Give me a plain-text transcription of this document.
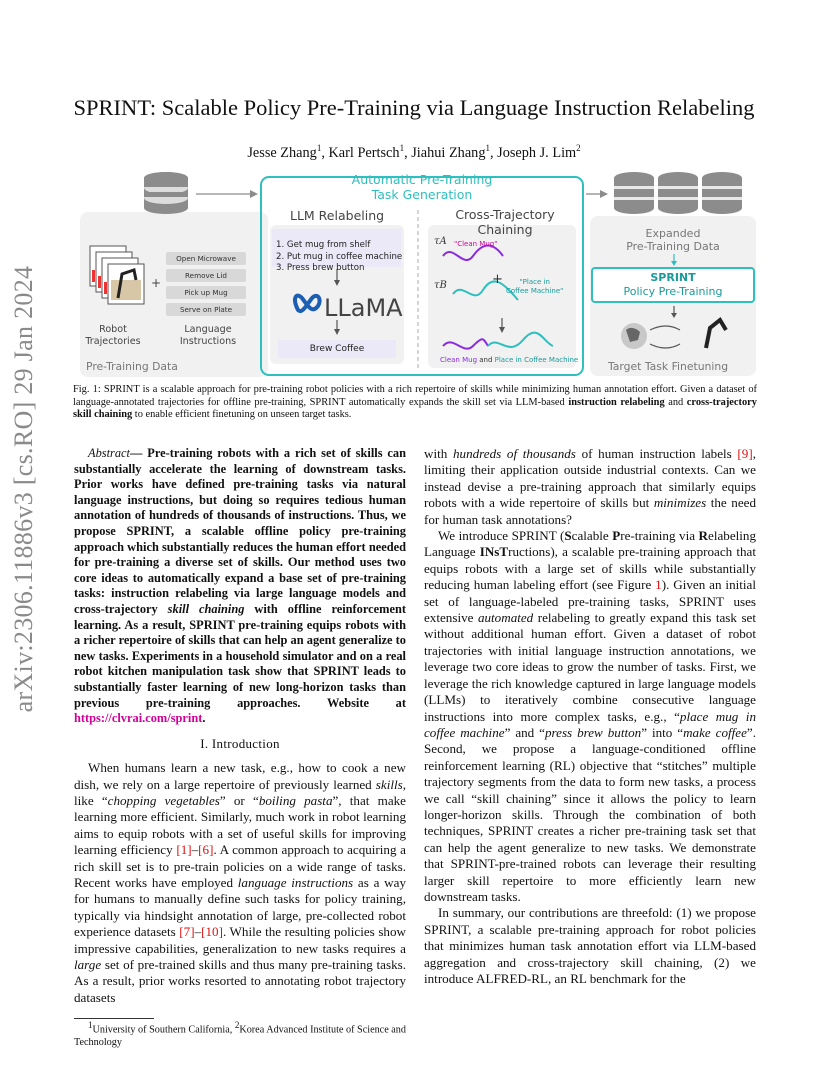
arXiv:2306.11886v3 [cs.RO] 29 Jan 2024
SPRINT: Scalable Policy Pre-Training via Language Instruction Relabeling
Jesse Zhang$^1$, Karl Pertsch$^1$, Jiahui Zhang$^1$, Joseph J. Lim$^2$
Automatic Pre-Training
Task Generation
LLM Relabeling
1. Get mug from shelf
2. Put mug in coffee machine
3. Press brew button
LLaMA
Brew Coffee
Cross-Trajectory
Chaining
τA "Clean Mug"
τB	+	"Place in
Coffee Machine"
Clean Mug and Place in Coffee Machine
Open Microwave
Remove Lid
Pick up Mug
Serve on Plate
+
Robot
Trajectories
Language
Instructions
Pre-Training Data
Expanded
Pre-Training Data
SPRINT
Policy Pre-Training
Target Task Finetuning
Fig. 1: SPRINT is a scalable approach for pre-training robot policies with a rich repertoire of skills while minimizing human annotation effort. Given a dataset of language-annotated trajectories for offline pre-training, SPRINT automatically expands the skill set via LLM-based instruction relabeling and cross-trajectory skill chaining to enable efficient finetuning on unseen target tasks.

Abstract— Pre-training robots with a rich set of skills can substantially accelerate the learning of downstream tasks. Prior works have defined pre-training tasks via natural language instructions, but doing so requires tedious human annotation of hundreds of thousands of instructions. Thus, we propose SPRINT, a scalable offline policy pre-training approach which substantially reduces the human effort needed for pre-training a diverse set of skills. Our method uses two core ideas to automatically expand a base set of pre-training tasks: instruction relabeling via large language models and cross-trajectory skill chaining with offline reinforcement learning. As a result, SPRINT pre-training equips robots with a richer repertoire of skills that can help an agent generalize to new tasks. Experiments in a household simulator and on a real robot kitchen manipulation task show that SPRINT leads to substantially faster learning of new long-horizon tasks than previous pre-training approaches. Website at https://clvrai.com/sprint.

I. Introduction

When humans learn a new task, e.g., how to cook a new dish, we rely on a large repertoire of previously learned skills, like “chopping vegetables” or “boiling pasta”, that make learning more efficient. Similarly, much work in robot learning aims to equip robots with a set of useful skills for improving learning efficiency [1]–[6]. A common approach to acquiring a rich skill set is to pre-train policies on a wide range of tasks. Recent works have employed language instructions as a way for humans to manually define such tasks for policy training, typically via hindsight annotation of large, pre-collected robot experience datasets [7]–[10]. While the resulting policies show impressive capabilities, generalization to new tasks requires a large set of pre-trained skills and thus many pre-training tasks. As a result, prior works resorted to annotating robot trajectory datasets

$^1$University of Southern California, $^2$Korea Advanced Institute of Science and Technology

with hundreds of thousands of human instruction labels [9], limiting their application outside industrial contexts. Can we instead devise a pre-training approach that similarly equips robots with a wide repertoire of skills but minimizes the need for human task annotations?

We introduce SPRINT (Scalable Pre-training via Relabeling Language INsTructions), a scalable pre-training approach that equips robots with a large set of skills while substantially reducing human labeling effort (see Figure 1). Given an initial set of language-labeled pre-training tasks, SPRINT uses extensive automated relabeling to greatly expand this task set without additional human effort. Given a dataset of robot trajectories with initial language instruction annotations, we leverage two core ideas to grow the number of tasks. First, we leverage the rich knowledge captured in large language models (LLMs) to iteratively combine consecutive language instructions into more complex tasks, e.g., “place mug in coffee machine” and “press brew button” into “make coffee”. Second, we propose a language-conditioned offline reinforcement learning (RL) objective that “stitches” multiple trajectory segments from the data to form new tasks, a process we call “skill chaining” since it allows the policy to learn longer-horizon skills. Through the combination of both techniques, SPRINT creates a richer pre-training task set that can help the agent generalize to new tasks. We demonstrate that SPRINT-pre-trained robots can leverage their resulting larger skill repertoire to more efficiently learn new downstream tasks.

In summary, our contributions are threefold: (1) we propose SPRINT, a scalable pre-training approach for robot policies that minimizes human task annotation effort via LLM-based aggregation and cross-trajectory skill chaining, (2) we introduce ALFRED-RL, an RL benchmark for the
